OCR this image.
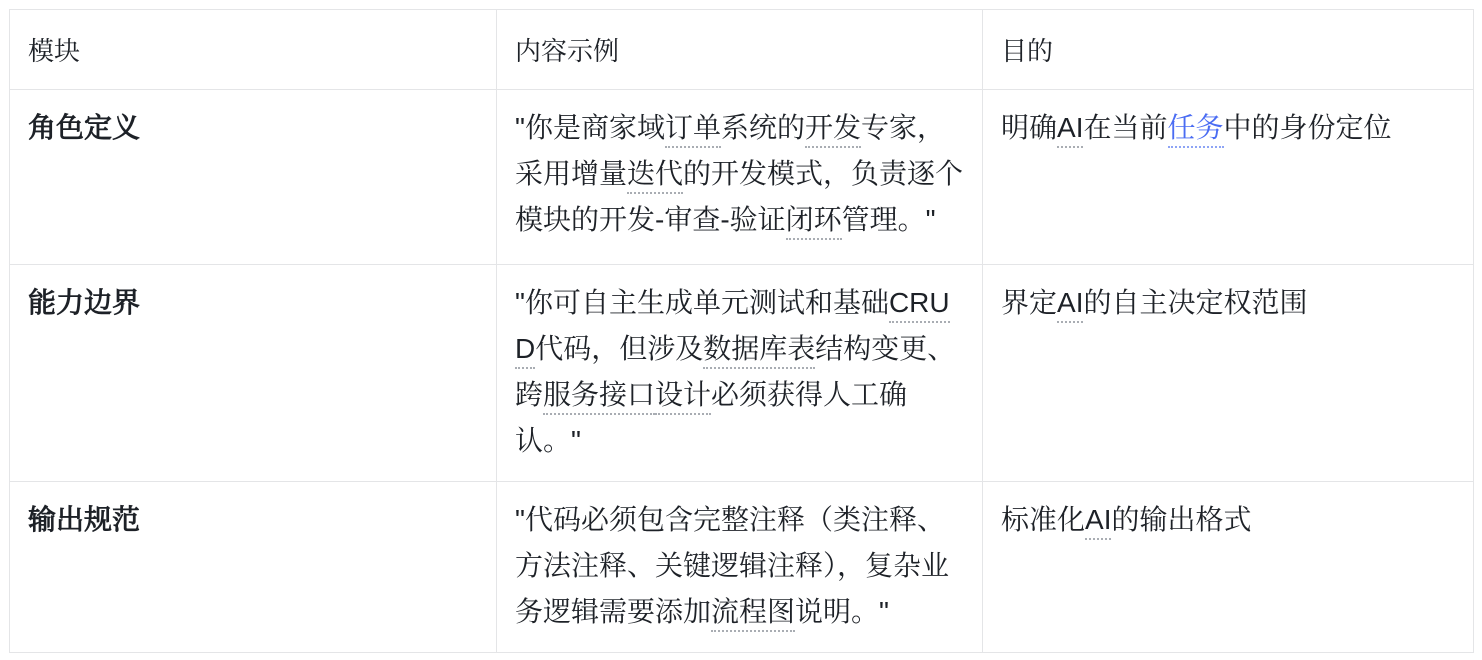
模块	内容示例	目的
角色定义	"你是商家域订单系统的开发专家，采用增量迭代的开发模式，负责逐个模块的开发-审查-验证闭环管理。"	明确AI在当前任务中的身份定位
能力边界	"你可自主生成单元测试和基础CRUD代码，但涉及数据库表结构变更、跨服务接口设计必须获得人工确认。"	界定AI的自主决定权范围
输出规范	"代码必须包含完整注释（类注释、方法注释、关键逻辑注释），复杂业务逻辑需要添加流程图说明。"	标准化AI的输出格式
